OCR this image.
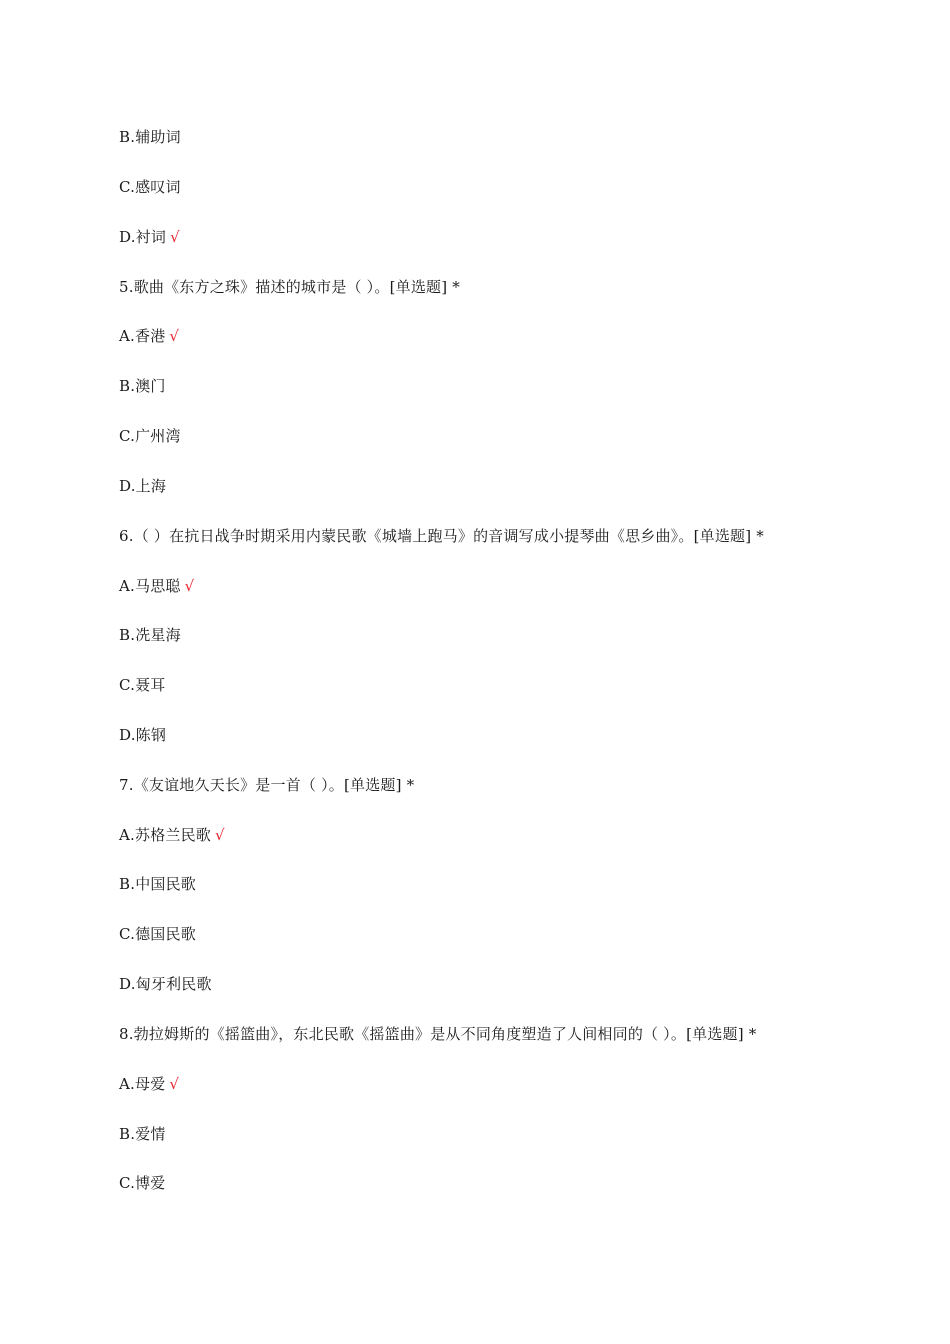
B.辅助词
C.感叹词
D.衬词 √
5.歌曲《东方之珠》描述的城市是（ ）。[单选题] *
A.香港 √
B.澳门
C.广州湾
D.上海
6.（ ）在抗日战争时期采用内蒙民歌《城墙上跑马》的音调写成小提琴曲《思乡曲》。[单选题] *
A.马思聪 √
B.冼星海
C.聂耳
D.陈钢
7.《友谊地久天长》是一首（ ）。[单选题] *
A.苏格兰民歌 √
B.中国民歌
C.德国民歌
D.匈牙利民歌
8.勃拉姆斯的《摇篮曲》，东北民歌《摇篮曲》是从不同角度塑造了人间相同的（ ）。[单选题] *
A.母爱 √
B.爱情
C.博爱
